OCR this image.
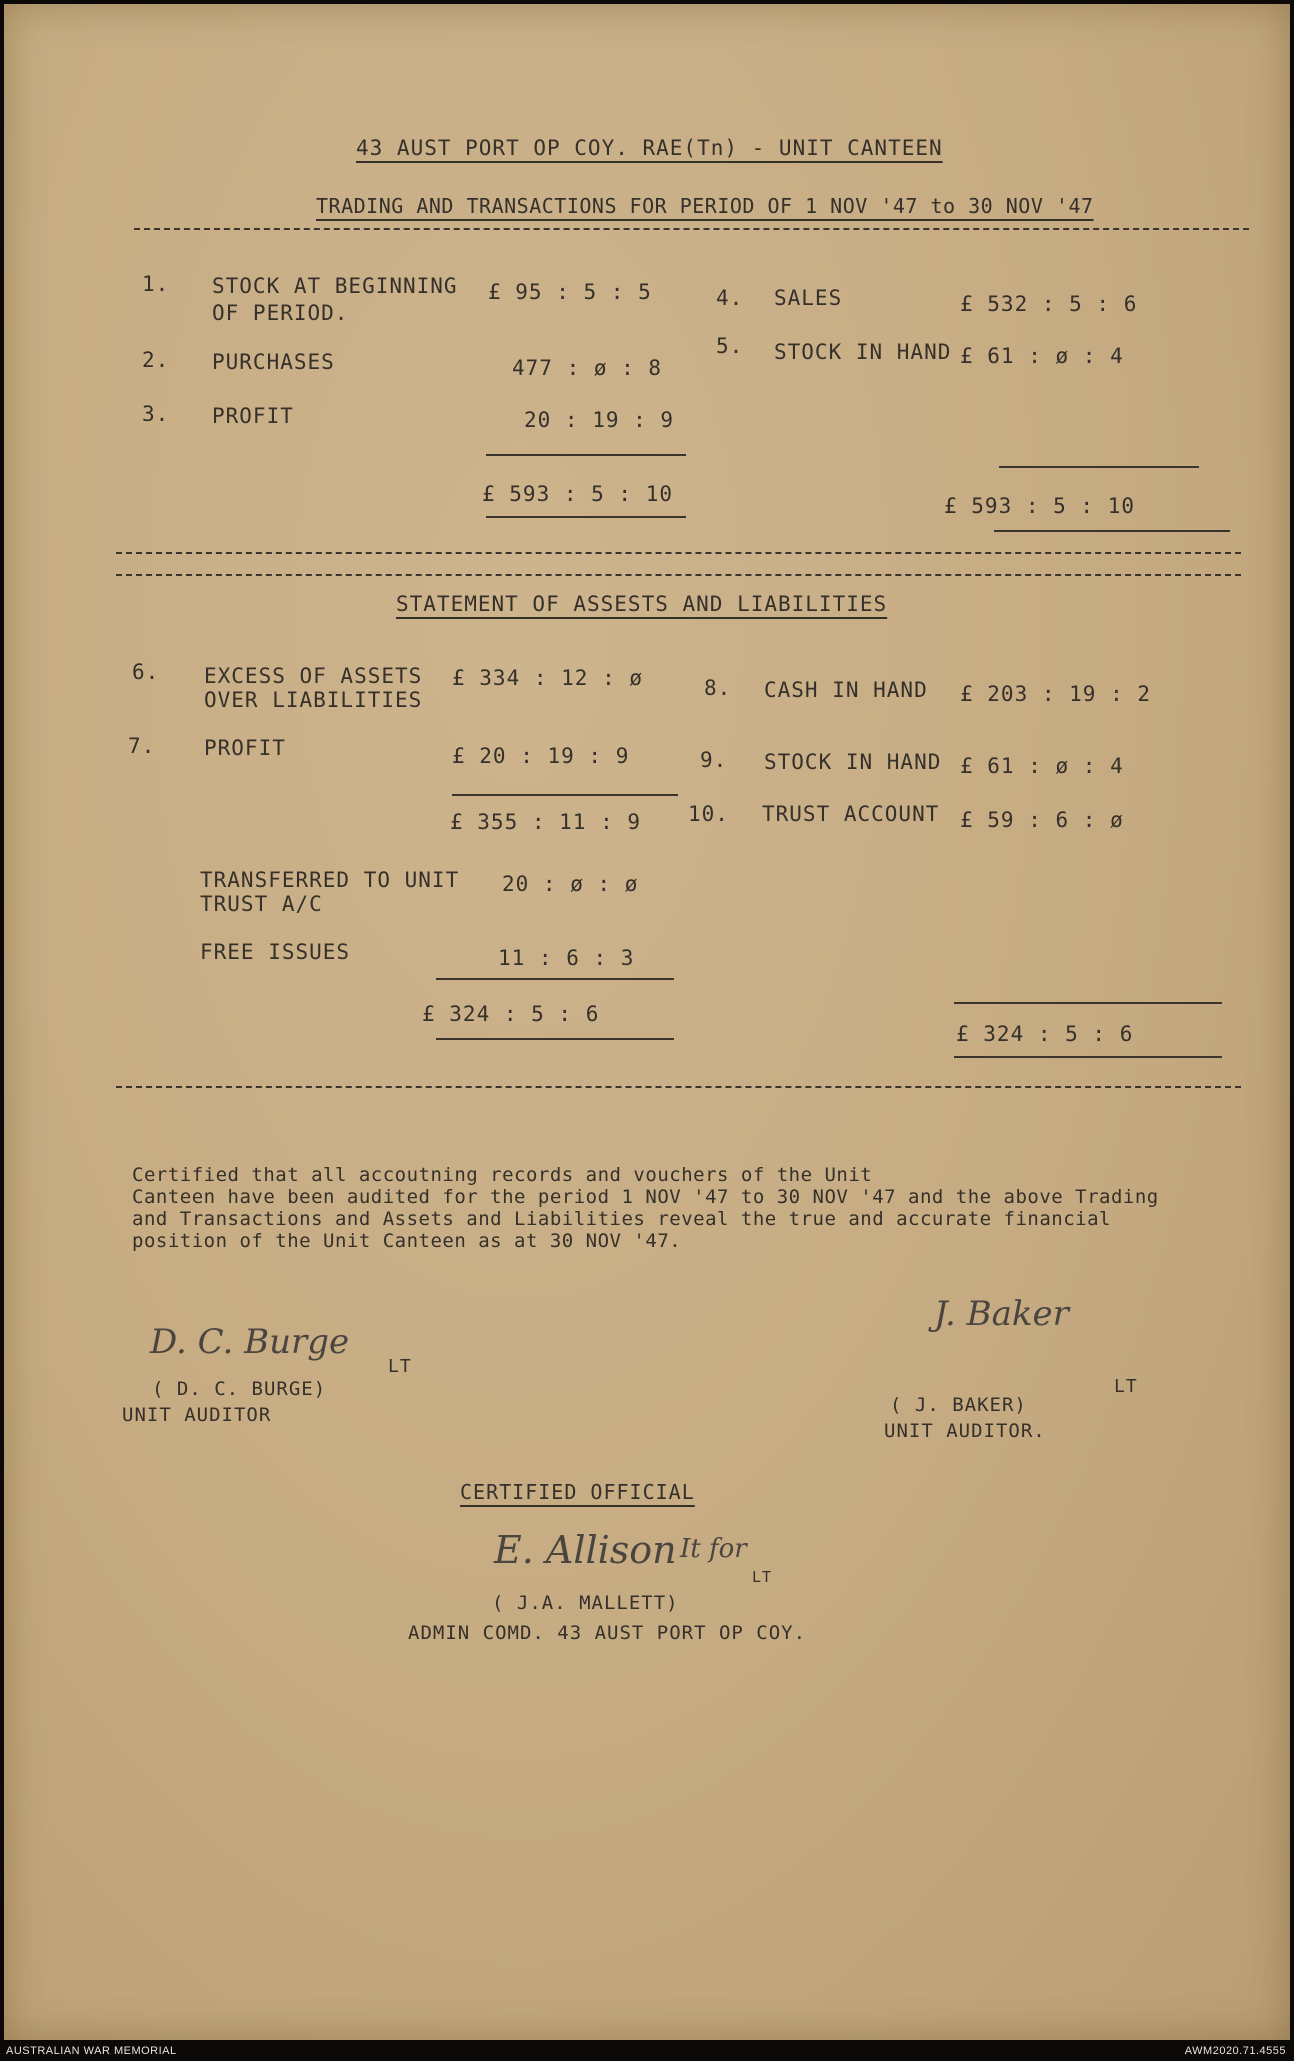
43 AUST PORT OP COY. RAE(Tn) - UNIT CANTEEN
TRADING AND TRANSACTIONS FOR PERIOD OF 1 NOV '47 to 30 NOV '47
1. STOCK AT BEGINNING
OF PERIOD.
£ 95 : 5 : 5
2. PURCHASES	477 : ø : 8
3. PROFIT	20 : 19 : 9
£ 593 : 5 : 10
4. SALES	£ 532 : 5 : 6
5. STOCK IN HAND £ 61 : ø : 4
£ 593 : 5 : 10
STATEMENT OF ASSESTS AND LIABILITIES
6. EXCESS OF ASSETS
OVER LIABILITIES
£ 334 : 12 : ø
7. PROFIT	£ 20 : 19 : 9
£ 355 : 11 : 9
TRANSFERRED TO UNIT
TRUST A/C
20 : ø : ø
FREE ISSUES	11 : 6 : 3
£ 324 : 5 : 6
8. CASH IN HAND £ 203 : 19 : 2
9. STOCK IN HAND £ 61 : ø : 4
10. TRUST ACCOUNT £ 59 : 6 : ø
£ 324 : 5 : 6
Certified that all accoutning records and vouchers of the Unit
Canteen have been audited for the period 1 NOV '47 to 30 NOV '47 and the above Trading
and Transactions and Assets and Liabilities reveal the true and accurate financial
position of the Unit Canteen as at 30 NOV '47.
D. C. Burge
LT
( D. C. BURGE)
UNIT AUDITOR
J. Baker
LT
( J. BAKER)
UNIT AUDITOR.
CERTIFIED OFFICIAL
E. Allison It for
LT
( J.A. MALLETT)
ADMIN COMD. 43 AUST PORT OP COY.
AUSTRALIAN WAR MEMORIAL	AWM2020.71.4555
